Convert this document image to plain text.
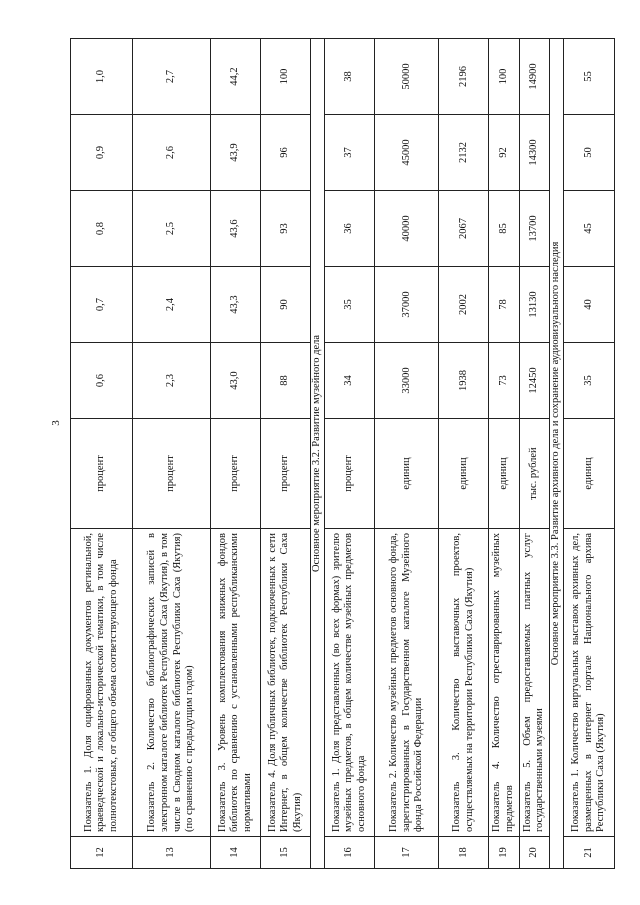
3
12	Показатель 1. Доля оцифрованных документов регинальной, краеведческой и локально-исторической тематики, в том числе полнотекстовых, от общего объема соответствующего фонда	процент	0,6	0,7	0,8	0,9	1,0
13	Показатель 2. Количество библиографических записей в электронном каталоге библиотек Республики Саха (Якутия), в том числе в Сводном каталоге библиотек Республики Саха (Якутия) (по сравнению с предыдущим годом)	процент	2,3	2,4	2,5	2,6	2,7
14	Показатель 3. Уровень комплектования книжных фондов библиотек по сравнению с установленными республиканскими нормативами	процент	43,0	43,3	43,6	43,9	44,2
15	Показатель 4. Доля публичных библиотек, подключенных к сети Интернет, в общем количестве библиотек Республики Саха (Якутия)	процент	88	90	93	96	100
Основное мероприятие 3.2. Развитие музейного дела							
16	Показатель 1. Доля представленных (во всех формах) зрителю музейных предметов, в общем количестве музейных предметов основного фонда	процент	34	35	36	37	38
17	Показатель 2. Количество музейных предметов основного фонда, зарегистрированных в Государственном каталоге Музейного фонда Российской Федерации	единиц	33000	37000	40000	45000	50000
18	Показатель 3. Количество выставочных проектов, осуществляемых на территории Республики Саха (Якутия)	единиц	1938	2002	2067	2132	2196
19	Показатель 4. Количество отреставрированных музейных предметов	единиц	73	78	85	92	100
20	Показатель 5. Объем предоставляемых платных услуг государственными музеями	тыс. рублей	12450	13130	13700	14300	14900
Основное мероприятие 3.3. Развитие архивного дела и сохранение аудиовизуального наследия							
21	Показатель 1. Количество виртуальных выставок архивных дел, размещенных в интернет портале Национального архива Республики Саха (Якутия)	единиц	35	40	45	50	55
